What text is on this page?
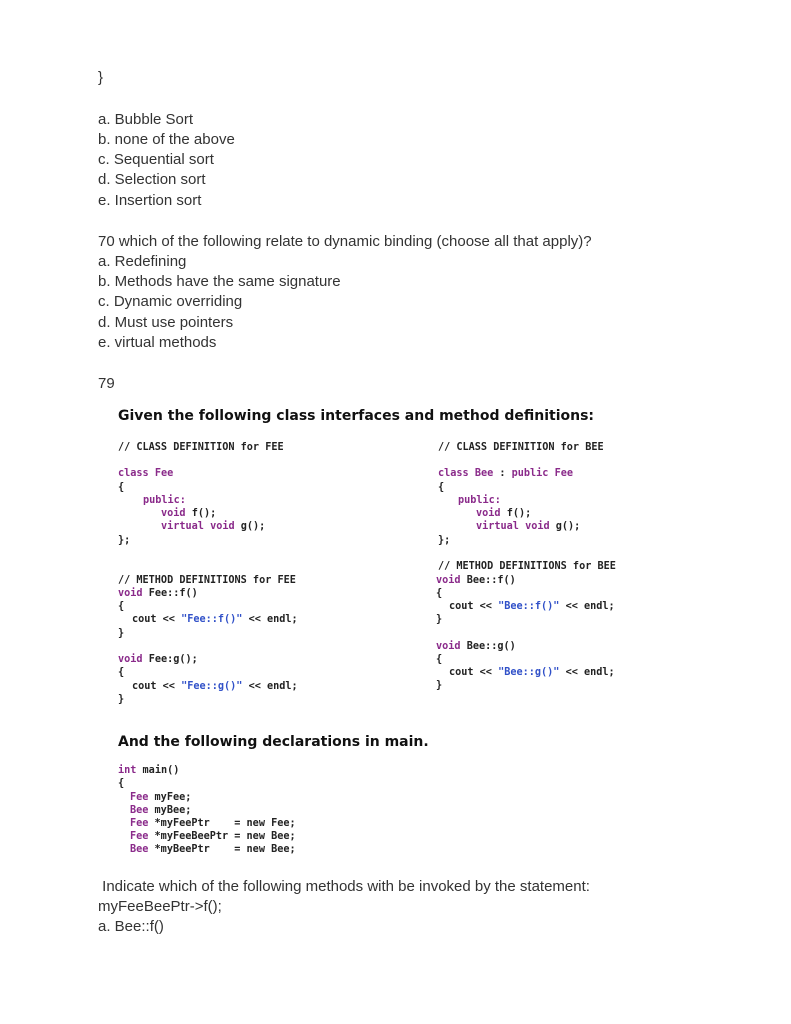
}
a. Bubble Sort
b. none of the above
c. Sequential sort
d. Selection sort
e. Insertion sort
70 which of the following relate to dynamic binding (choose all that apply)?
a. Redefining
b. Methods have the same signature
c. Dynamic overriding
d. Must use pointers
e. virtual methods
79
Given the following class interfaces and method definitions:
// CLASS DEFINITION for FEE
class Fee
{
public:
void f();
virtual void g();
};
// CLASS DEFINITION for BEE
class Bee : public Fee
{
public:
void f();
virtual void g();
};
// METHOD DEFINITIONS for BEE
void Bee::f()
{
cout << "Bee::f()" << endl;
}
void Bee::g()
{
cout << "Bee::g()" << endl;
}
// METHOD DEFINITIONS for FEE
void Fee::f()
{
cout << "Fee::f()" << endl;
}
void Fee:g();
{
cout << "Fee::g()" << endl;
}
And the following declarations in main.
int main()
{
Fee myFee;
Bee myBee;
Fee *myFeePtr    = new Fee;
Fee *myFeeBeePtr = new Bee;
Bee *myBeePtr    = new Bee;
Indicate which of the following methods with be invoked by the statement:
myFeeBeePtr->f();
a. Bee::f()
